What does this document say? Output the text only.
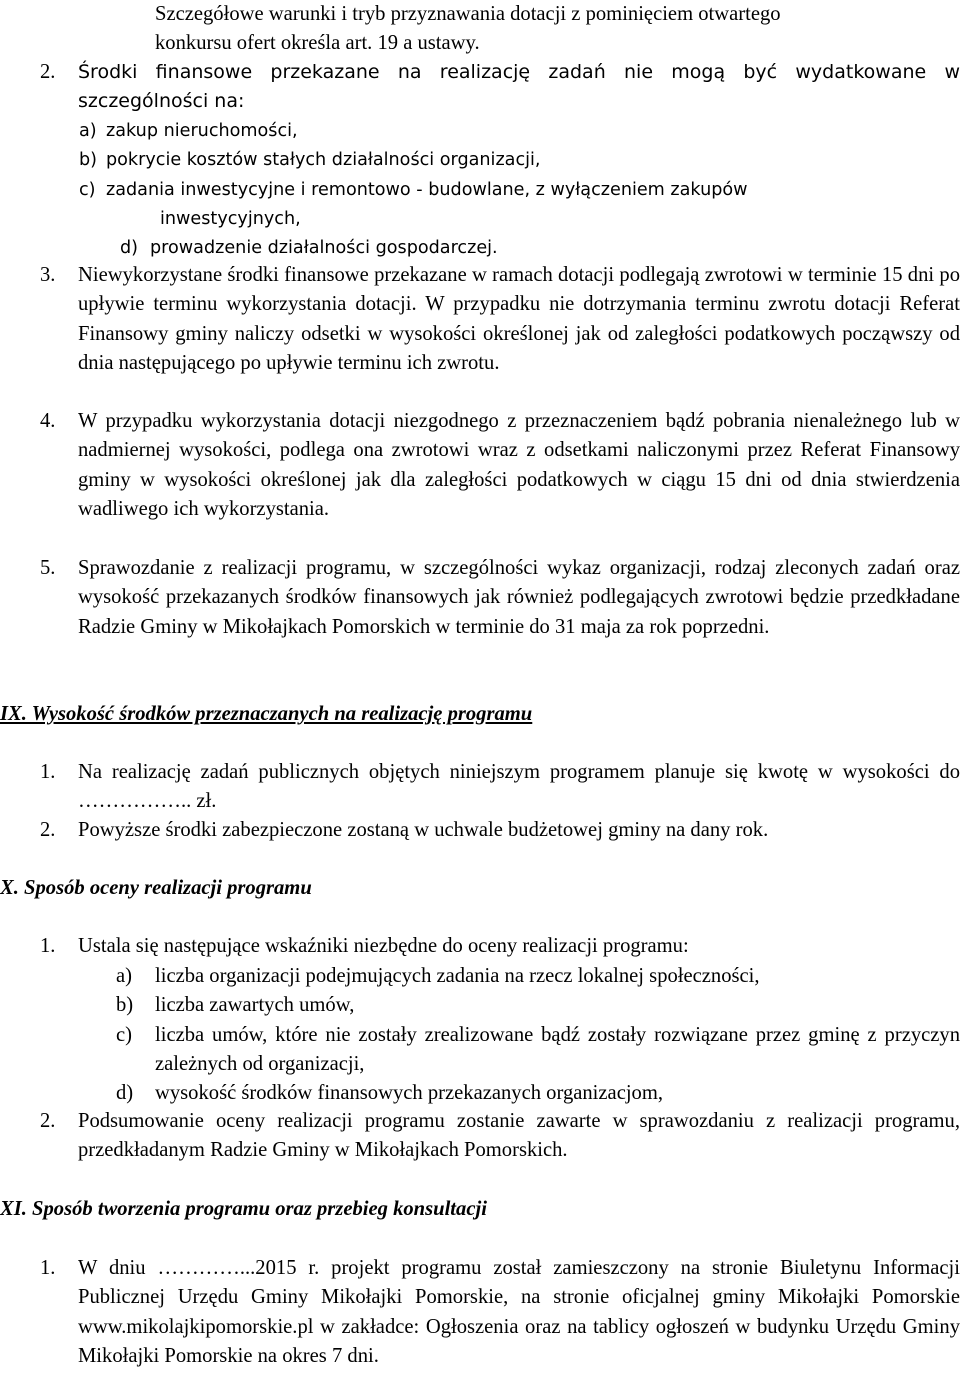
Szczegółowe warunki i tryb przyznawania dotacji z pominięciem otwartego
konkursu ofert określa art. 19 a ustawy.
2. Środki finansowe przekazane na realizację zadań nie mogą być wydatkowane w szczególności na:
a) zakup nieruchomości,
b) pokrycie kosztów stałych działalności organizacji,
c) zadania inwestycyjne i remontowo - budowlane, z wyłączeniem zakupów
inwestycyjnych,
d) prowadzenie działalności gospodarczej.
3. Niewykorzystane środki finansowe przekazane w ramach dotacji podlegają zwrotowi w terminie 15 dni po upływie terminu wykorzystania dotacji. W przypadku nie dotrzymania terminu zwrotu dotacji Referat Finansowy gminy naliczy odsetki w wysokości określonej jak od zaległości podatkowych począwszy od dnia następującego po upływie terminu ich zwrotu.
4. W przypadku wykorzystania dotacji niezgodnego z przeznaczeniem bądź pobrania nienależnego lub w nadmiernej wysokości, podlega ona zwrotowi wraz z odsetkami naliczonymi przez Referat Finansowy gminy w wysokości określonej jak dla zaległości podatkowych w ciągu 15 dni od dnia stwierdzenia wadliwego ich wykorzystania.
5. Sprawozdanie z realizacji programu, w szczególności wykaz organizacji, rodzaj zleconych zadań oraz wysokość przekazanych środków finansowych jak również podlegających zwrotowi będzie przedkładane Radzie Gminy w Mikołajkach Pomorskich w terminie do 31 maja za rok poprzedni.
IX. Wysokość środków przeznaczanych na realizację programu
1. Na realizację zadań publicznych objętych niniejszym programem planuje się kwotę w wysokości do …………….. zł.
2. Powyższe środki zabezpieczone zostaną w uchwale budżetowej gminy na dany rok.
X. Sposób oceny realizacji programu
1. Ustala się następujące wskaźniki niezbędne do oceny realizacji programu:
a) liczba organizacji podejmujących zadania na rzecz lokalnej społeczności,
b) liczba zawartych umów,
c) liczba umów, które nie zostały zrealizowane bądź zostały rozwiązane przez gminę z przyczyn zależnych od organizacji,
d) wysokość środków finansowych przekazanych organizacjom,
2. Podsumowanie oceny realizacji programu zostanie zawarte w sprawozdaniu z realizacji programu, przedkładanym Radzie Gminy w Mikołajkach Pomorskich.
XI. Sposób tworzenia programu oraz przebieg konsultacji
1. W dniu …………...2015 r. projekt programu został zamieszczony na stronie Biuletynu Informacji Publicznej Urzędu Gminy Mikołajki Pomorskie, na stronie oficjalnej gminy Mikołajki Pomorskie www.mikolajkipomorskie.pl w zakładce: Ogłoszenia oraz na tablicy ogłoszeń w budynku Urzędu Gminy Mikołajki Pomorskie na okres 7 dni.
